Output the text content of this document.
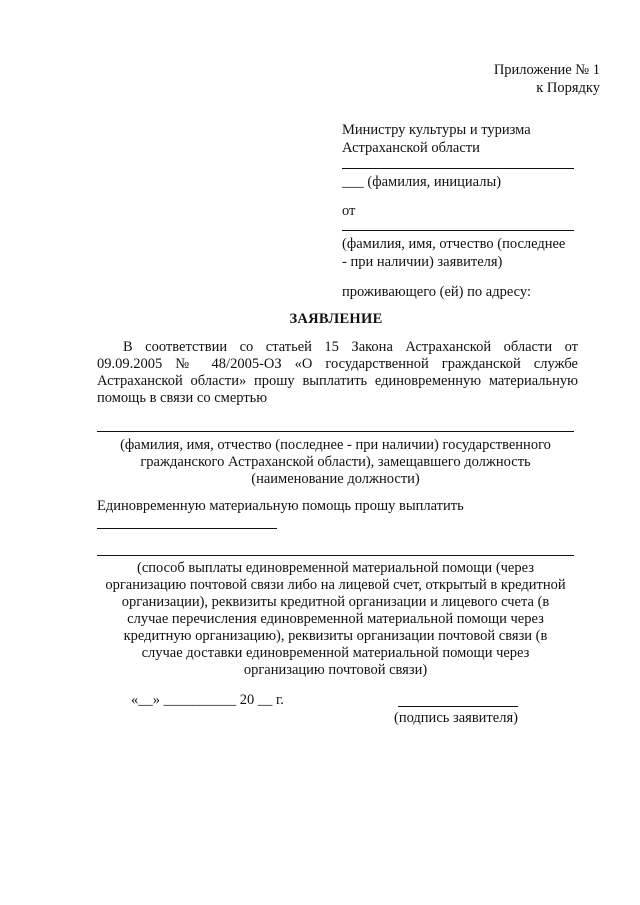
Приложение № 1
к Порядку
Министру культуры и туризма
Астраханской области
___ (фамилия, инициалы)
от
(фамилия, имя, отчество (последнее
- при наличии) заявителя)
проживающего (ей) по адресу:
ЗАЯВЛЕНИЕ
В соответствии со статьей 15 Закона Астраханской области от
09.09.2005 № 48/2005-ОЗ «О государственной гражданской службе
Астраханской области» прошу выплатить единовременную материальную
помощь в связи со смертью
(фамилия, имя, отчество (последнее - при наличии) государственного
гражданского Астраханской области), замещавшего должность
(наименование должности)
Единовременную материальную помощь прошу выплатить
(способ выплаты единовременной материальной помощи (через
организацию почтовой связи либо на лицевой счет, открытый в кредитной
организации), реквизиты кредитной организации и лицевого счета (в
случае перечисления единовременной материальной помощи через
кредитную организацию), реквизиты организации почтовой связи (в
случае доставки единовременной материальной помощи через
организацию почтовой связи)
«__» __________ 20 __ г.
(подпись заявителя)
